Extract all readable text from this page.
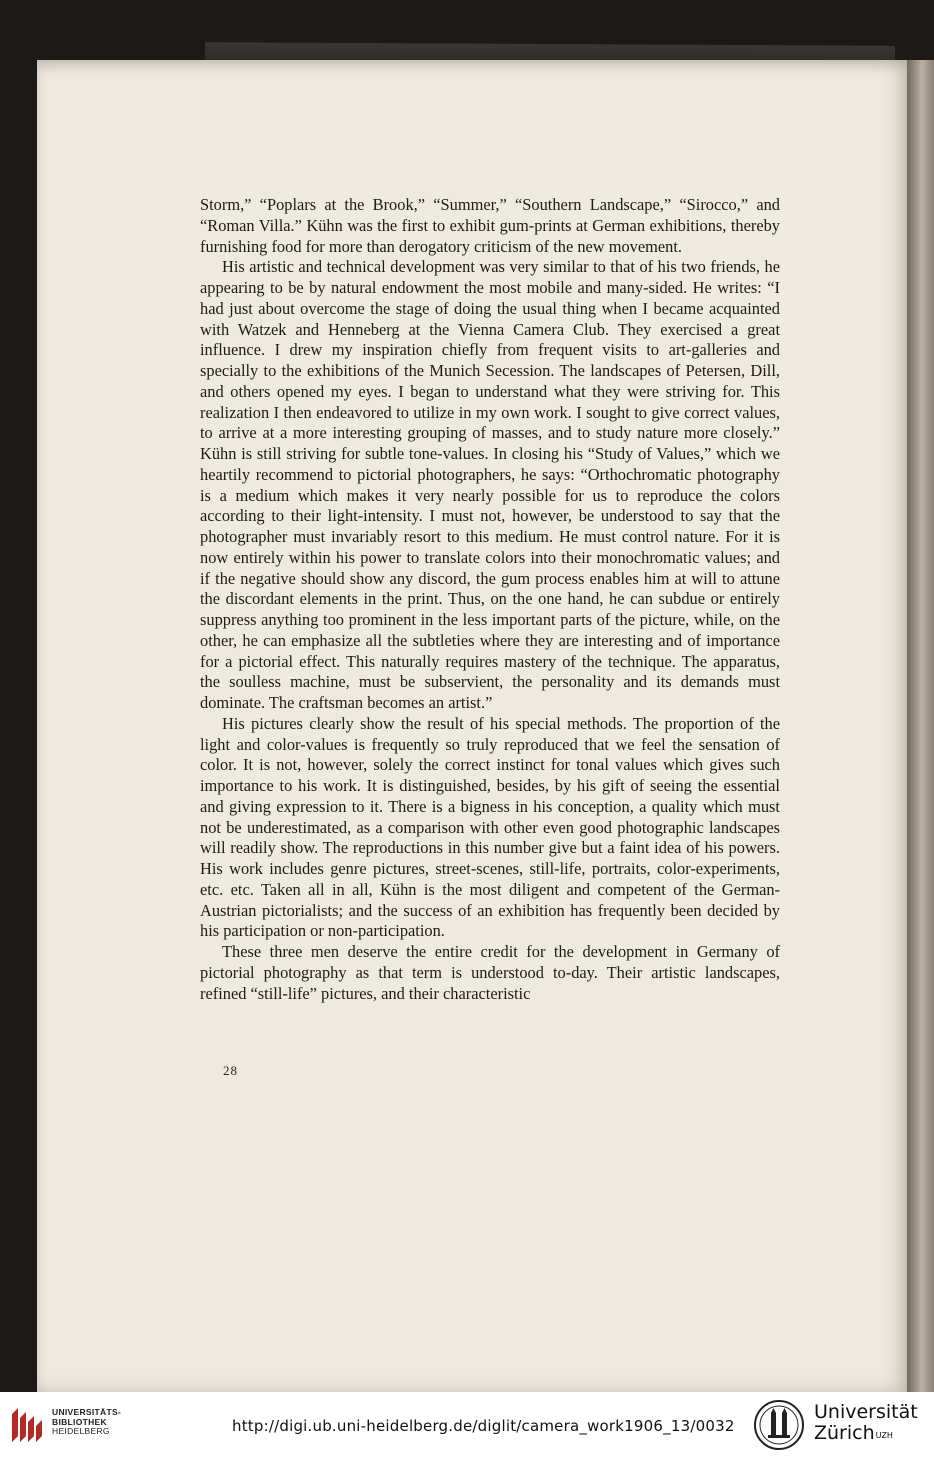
Storm,” “Poplars at the Brook,” “Summer,” “Southern Landscape,” “Sirocco,” and “Roman Villa.” Kühn was the first to exhibit gum-prints at German exhibitions, thereby furnishing food for more than derogatory criticism of the new movement.

His artistic and technical development was very similar to that of his two friends, he appearing to be by natural endowment the most mobile and many-sided. He writes: “I had just about overcome the stage of doing the usual thing when I became acquainted with Watzek and Henneberg at the Vienna Camera Club. They exercised a great influence. I drew my inspiration chiefly from frequent visits to art-galleries and specially to the exhibitions of the Munich Secession. The landscapes of Petersen, Dill, and others opened my eyes. I began to understand what they were striving for. This realization I then endeavored to utilize in my own work. I sought to give correct values, to arrive at a more interesting grouping of masses, and to study nature more closely.” Kühn is still striving for subtle tone-values. In closing his “Study of Values,” which we heartily recommend to pictorial photographers, he says: “Orthochromatic photography is a medium which makes it very nearly possible for us to reproduce the colors according to their light-intensity. I must not, however, be understood to say that the photographer must invariably resort to this medium. He must control nature. For it is now entirely within his power to translate colors into their monochromatic values; and if the negative should show any discord, the gum process enables him at will to attune the discordant elements in the print. Thus, on the one hand, he can subdue or entirely suppress anything too prominent in the less important parts of the picture, while, on the other, he can emphasize all the subtleties where they are interesting and of importance for a pictorial effect. This naturally requires mastery of the technique. The apparatus, the soulless machine, must be subservient, the personality and its demands must dominate. The craftsman becomes an artist.”

His pictures clearly show the result of his special methods. The proportion of the light and color-values is frequently so truly reproduced that we feel the sensation of color. It is not, however, solely the correct instinct for tonal values which gives such importance to his work. It is distinguished, besides, by his gift of seeing the essential and giving expression to it. There is a bigness in his conception, a quality which must not be underestimated, as a comparison with other even good photographic landscapes will readily show. The reproductions in this number give but a faint idea of his powers. His work includes genre pictures, street-scenes, still-life, portraits, color-experiments, etc. etc. Taken all in all, Kühn is the most diligent and competent of the German-Austrian pictorialists; and the success of an exhibition has frequently been decided by his participation or non-participation.

These three men deserve the entire credit for the development in Germany of pictorial photography as that term is understood to-day. Their artistic landscapes, refined “still-life” pictures, and their characteristic

28
UNIVERSITÄTS-
BIBLIOTHEK
HEIDELBERG	http://digi.ub.uni-heidelberg.de/diglit/camera_work1906_13/0032
Universität
Zürich$^{UZH}$
